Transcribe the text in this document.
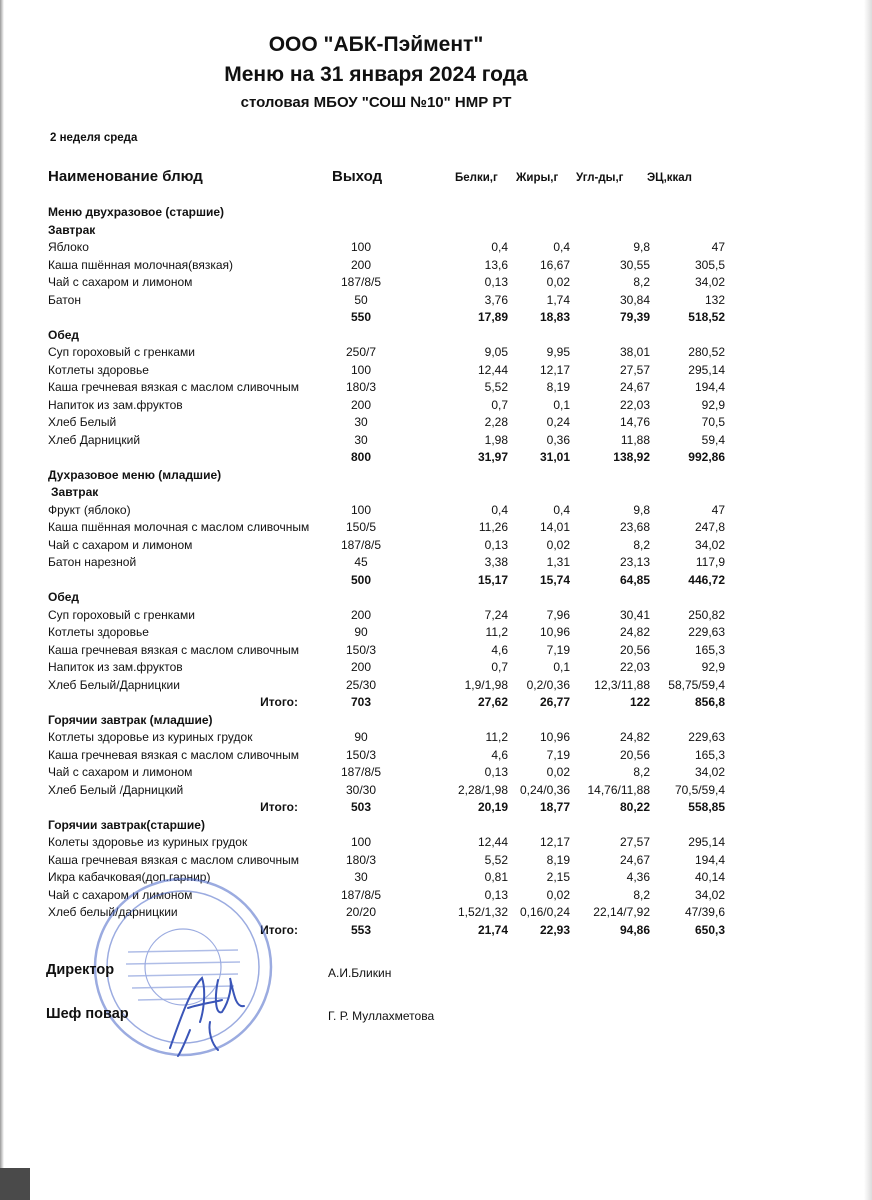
ООО "АБК-Пэймент"
Меню на 31 января 2024 года
столовая МБОУ "СОШ №10" НМР РТ
2 неделя среда
Наименование блюд	Выход	Белки,г Жиры,г Угл-ды,г ЭЦ,ккал
Меню двухразовое (старшие)
Завтрак
Яблоко	100	0,4	0,4	9,8	47
Каша пшённая молочная(вязкая)	200	13,6	16,67	30,55	305,5
Чай с сахаром и лимоном	187/8/5	0,13	0,02	8,2	34,02
Батон	50	3,76	1,74	30,84	132
550	17,89	18,83	79,39	518,52
Обед
Суп гороховый с гренками	250/7	9,05	9,95	38,01	280,52
Котлеты здоровье	100	12,44	12,17	27,57	295,14
Каша гречневая вязкая с маслом сливочным	180/3	5,52	8,19	24,67	194,4
Напиток из зам.фруктов	200	0,7	0,1	22,03	92,9
Хлеб Белый	30	2,28	0,24	14,76	70,5
Хлеб Дарницкий	30	1,98	0,36	11,88	59,4
800	31,97	31,01	138,92	992,86
Духразовое меню (младшие)
Завтрак
Фрукт (яблоко)	100	0,4	0,4	9,8	47
Каша пшённая молочная с маслом сливочным	150/5	11,26	14,01	23,68	247,8
Чай с сахаром и лимоном	187/8/5	0,13	0,02	8,2	34,02
Батон нарезной	45	3,38	1,31	23,13	117,9
500	15,17	15,74	64,85	446,72
Обед
Суп гороховый с гренками	200	7,24	7,96	30,41	250,82
Котлеты здоровье	90	11,2	10,96	24,82	229,63
Каша гречневая вязкая с маслом сливочным	150/3	4,6	7,19	20,56	165,3
Напиток из зам.фруктов	200	0,7	0,1	22,03	92,9
Хлеб Белый/Дарницкии	25/30	1,9/1,98	0,2/0,36	12,3/11,88	58,75/59,4
Итого:	703	27,62	26,77	122	856,8
Горячии завтрак (младшие)
Котлеты здоровье из куриных грудок	90	11,2	10,96	24,82	229,63
Каша гречневая вязкая с маслом сливочным	150/3	4,6	7,19	20,56	165,3
Чай с сахаром и лимоном	187/8/5	0,13	0,02	8,2	34,02
Хлеб Белый /Дарницкий	30/30	2,28/1,98 0,24/0,36	14,76/11,88	70,5/59,4
Итого:	503	20,19	18,77	80,22	558,85
Горячии завтрак(старшие)
Колеты здоровье из куриных грудок	100	12,44	12,17	27,57	295,14
Каша гречневая вязкая с маслом сливочным	180/3	5,52	8,19	24,67	194,4
Икра кабачковая(доп.гарнир)	30	0,81	2,15	4,36	40,14
Чай с сахаром и лимоном	187/8/5	0,13	0,02	8,2	34,02
Хлеб белый/дарницкии	20/20	1,52/1,32 0,16/0,24	22,14/7,92	47/39,6
Итого:	553	21,74	22,93	94,86	650,3
Директор	А.И.Бликин
Шеф повар	Г. Р. Муллахметова
